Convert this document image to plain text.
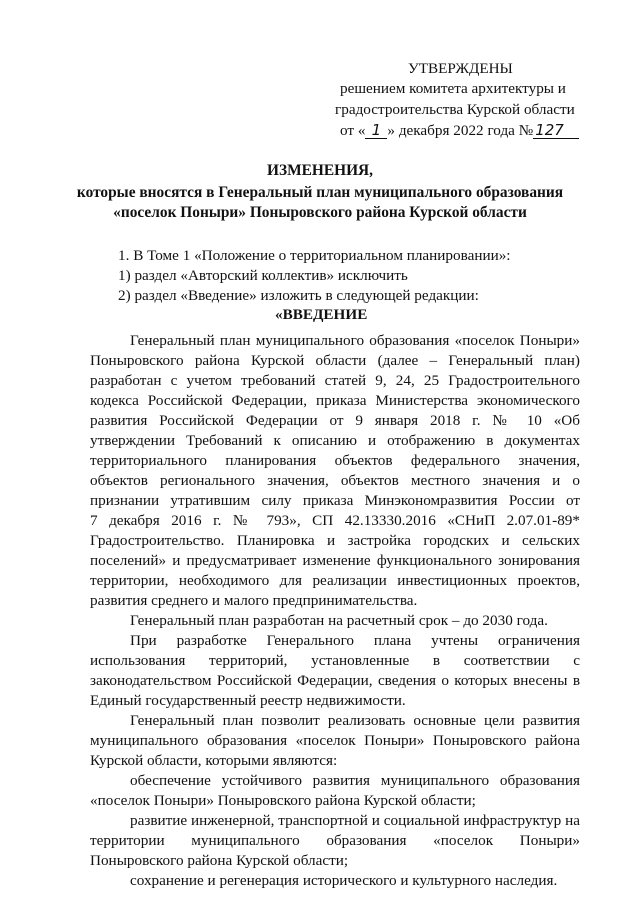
УТВЕРЖДЕНЫ
решением комитета архитектуры и
градостроительства Курской области
от « 1 » декабря 2022 года № 127
ИЗМЕНЕНИЯ,
которые вносятся в Генеральный план муниципального образования
«поселок Поныри» Поныровского района Курской области
1. В Томе 1 «Положение о территориальном планировании»:
1) раздел «Авторский коллектив» исключить
2) раздел «Введение» изложить в следующей редакции:
«ВВЕДЕНИЕ
Генеральный план муниципального образования «поселок Поныри»
Поныровского района Курской области (далее – Генеральный план)
разработан с учетом требований статей 9, 24, 25 Градостроительного
кодекса Российской Федерации, приказа Министерства экономического
развития Российской Федерации от 9 января 2018 г. № 10 «Об
утверждении Требований к описанию и отображению в документах
территориального планирования объектов федерального значения,
объектов регионального значения, объектов местного значения и о
признании утратившим силу приказа Минэкономразвития России от
7 декабря 2016 г. № 793», СП 42.13330.2016 «СНиП 2.07.01-89*
Градостроительство. Планировка и застройка городских и сельских
поселений» и предусматривает изменение функционального зонирования
территории, необходимого для реализации инвестиционных проектов,
развития среднего и малого предпринимательства.
Генеральный план разработан на расчетный срок – до 2030 года.
При разработке Генерального плана учтены ограничения
использования территорий, установленные в соответствии с
законодательством Российской Федерации, сведения о которых внесены в
Единый государственный реестр недвижимости.
Генеральный план позволит реализовать основные цели развития
муниципального образования «поселок Поныри» Поныровского района
Курской области, которыми являются:
обеспечение устойчивого развития муниципального образования
«поселок Поныри» Поныровского района Курской области;
развитие инженерной, транспортной и социальной инфраструктур на
территории муниципального образования «поселок Поныри»
Поныровского района Курской области;
сохранение и регенерация исторического и культурного наследия.
